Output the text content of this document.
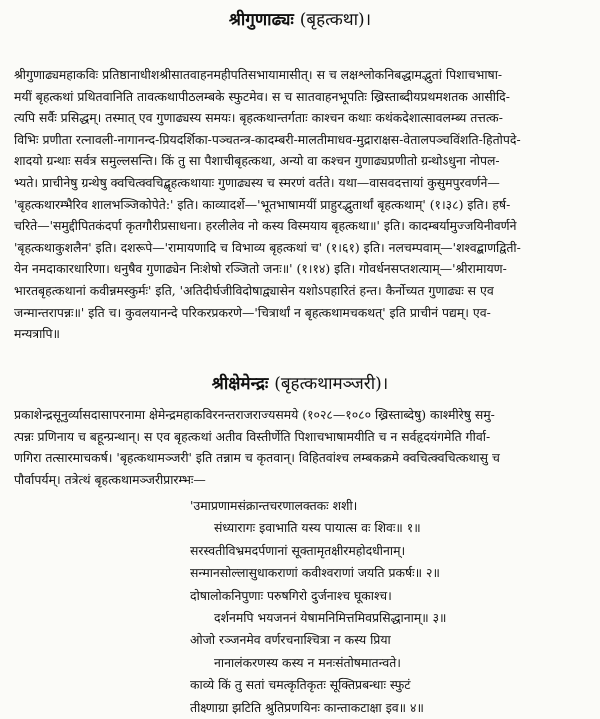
श्रीगुणाढ्यः (बृहत्कथा)।
श्रीगुणाढ्यमहाकविः प्रतिष्ठानाधीशश्रीसातवाहनमहीपतिसभायामासीत्। स च लक्षश्लोकनिबद्धामद्भुतां पिशाचभाषा-
मयीं बृहत्कथां प्रथितवानिति तावत्कथापीठलम्बके स्फुटमेव। स च सातवाहनभूपतिः ख्रिस्ताब्दीयप्रथमशतक आसीदि-
त्यपि सर्वैः प्रसिद्धम्। तस्मात् एव गुणाढ्यस्य समयः। बृहत्कथान्तर्गताः काश्चन कथाः कथंकदेशात्सावलम्ब्य तत्तत्क-
विभिः प्रणीता रत्नावली-नागानन्द-प्रियदर्शिका-पञ्चतन्त्र-कादम्बरी-मालतीमाधव-मुद्राराक्षस-वेतालपञ्चविंशति-हितोपदे-
शादयो ग्रन्थाः सर्वत्र समुल्लसन्ति। किं तु सा पैशाचीबृहत्कथा, अन्यो वा कश्चन गुणाढ्यप्रणीतो ग्रन्थोऽधुना नोपल-
भ्यते। प्राचीनेषु ग्रन्थेषु क्वचित्क्वचिद्बृहत्कथायाः गुणाढ्यस्य च स्मरणं वर्तते। यथा—वासवदत्तायां कुसुमपुरवर्णने—
'बृहत्कथारम्भैरिव शालभञ्जिकोपेते:' इति। काव्यादर्शे—'भूतभाषामयीं प्राहुरद्भुतार्थां बृहत्कथाम्' (१।३८) इति। हर्ष-
चरिते—'समुद्दीपितकंदर्पा कृतगौरीप्रसाधना। हरलीलेव नो कस्य विस्मयाय बृहत्कथा॥' इति। कादम्बर्यामुज्जयिनीवर्णने
'बृहत्कथाकुशलैन' इति। दशरूपे—'रामायणादि च विभाव्य बृहत्कथां च' (१।६१) इति। नलचम्पवाम्—'शश्वद्बाणद्विती-
येन नमदाकारधारिणा। धनुषैव गुणाढ्येन निःशेषो रञ्जितो जनः॥' (१।१४) इति। गोवर्धनसप्तशत्याम्—'श्रीरामायण-
भारतबृहत्कथानां कवीन्नमस्कुर्मः' इति, 'अतिदीर्घजीविदोषाद्व्यासेन यशोऽपहारितं हन्त। कैर्नोच्यत गुणाढ्यः स एव
जन्मान्तरापन्नः॥' इति च। कुवलयानन्दे परिकरप्रकरणे—'चित्रार्थां न बृहत्कथामचकथत्' इति प्राचीनं पद्यम्। एव-
मन्यत्रापि॥
श्रीक्षेमेन्द्रः (बृहत्कथामञ्जरी)।
प्रकाशेन्द्रसूनुर्व्यासदासापरनामा क्षेमेन्द्रमहाकविरनन्तराजराज्यसमये (१०२८—१०८० ख्रिस्ताब्देषु) काश्मीरेषु समु-
त्पन्नः प्रणिनाय च बहून्प्रन्थान्। स एव बृहत्कथां अतीव विस्तीर्णेति पिशाचभाषामयीति च न सर्वहृदयंगमेति गीर्वा-
णगिरा तत्सारमाचकर्ष। 'बृहत्कथामञ्जरी' इति तन्नाम च कृतवान्। विहितवांश्च लम्बकक्रमे क्वचित्क्वचित्कथासु च
पौर्वापर्यम्। तत्रेत्थं बृहत्कथामञ्जरीप्रारम्भः—
'उमाप्रणामसंक्रान्तचरणालक्तकः शशी।
संध्यारागः इवाभाति यस्य पायात्स वः शिवः॥ १॥
सरस्वतीविभ्रमदर्पणानां सूक्तामृतक्षीरमहोदधीनाम्।
सन्मानसोल्लासुधाकराणां कवीश्वराणां जयति प्रकर्षः॥ २॥
दोषालोकनिपुणाः परुषगिरो दुर्जनाश्च घूकाश्च।
दर्शनमपि भयजननं येषामनिमित्तमिवप्रसिद्धानाम्॥ ३॥
ओजो रञ्जनमेव वर्णरचनाश्चित्रा न कस्य प्रिया
नानालंकरणस्य कस्य न मनःसंतोषमातन्वते।
काव्ये किं तु सतां चमत्कृतिकृतः सूक्तिप्रबन्धाः स्फुटं
तीक्ष्णाग्रा झटिति श्रुतिप्रणयिनः कान्ताकटाक्षा इव॥ ४॥
